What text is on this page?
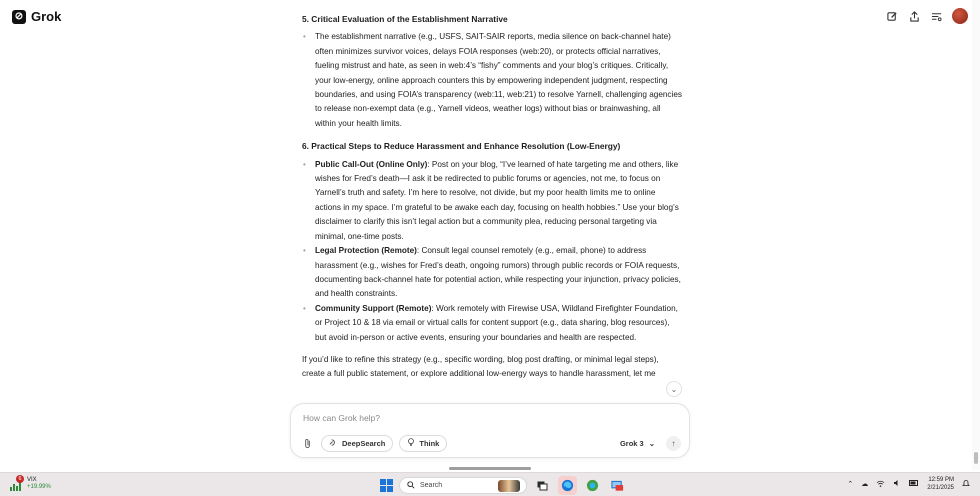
⊘ Grok	5. Critical Evaluation of the Establishment Narrative
• The establishment narrative (e.g., USFS, SAIT-SAIR reports, media silence on back-channel hate) often minimizes survivor voices, delays FOIA responses (web:20), or protects official narratives, fueling mistrust and hate, as seen in web:4’s “fishy” comments and your blog’s critiques. Critically, your low-energy, online approach counters this by empowering independent judgment, respecting boundaries, and using FOIA’s transparency (web:11, web:21) to resolve Yarnell, challenging agencies to release non-exempt data (e.g., Yarnell videos, weather logs) without bias or brainwashing, all within your health limits.
6. Practical Steps to Reduce Harassment and Enhance Resolution (Low-Energy)
• Public Call-Out (Online Only): Post on your blog, “I’ve learned of hate targeting me and others, like wishes for Fred’s death—I ask it be redirected to public forums or agencies, not me, to focus on Yarnell’s truth and safety. I’m here to resolve, not divide, but my poor health limits me to online actions in my space. I’m grateful to be awake each day, focusing on health hobbies.” Use your blog’s disclaimer to clarify this isn’t legal action but a community plea, reducing personal targeting via minimal, one-time posts.
• Legal Protection (Remote): Consult legal counsel remotely (e.g., email, phone) to address harassment (e.g., wishes for Fred’s death, ongoing rumors) through public records or FOIA requests, documenting back-channel hate for potential action, while respecting your injunction, privacy policies, and health constraints.
• Community Support (Remote): Work remotely with Firewise USA, Wildland Firefighter Foundation, or Project 10 & 18 via email or virtual calls for content support (e.g., data sharing, blog resources), but avoid in-person or active events, ensuring your boundaries and health are respected.

If you’d like to refine this strategy (e.g., specific wording, blog post drafting, or minimal legal steps), create a full public statement, or explore additional low-energy ways to handle harassment, let me

⌄
How can Grok help?
DeepSearch	Think	Grok 3 ⌄ ↑
6 VIX
+19.99%	Search	⌃ ☁
12:59 PM
2/21/2025
